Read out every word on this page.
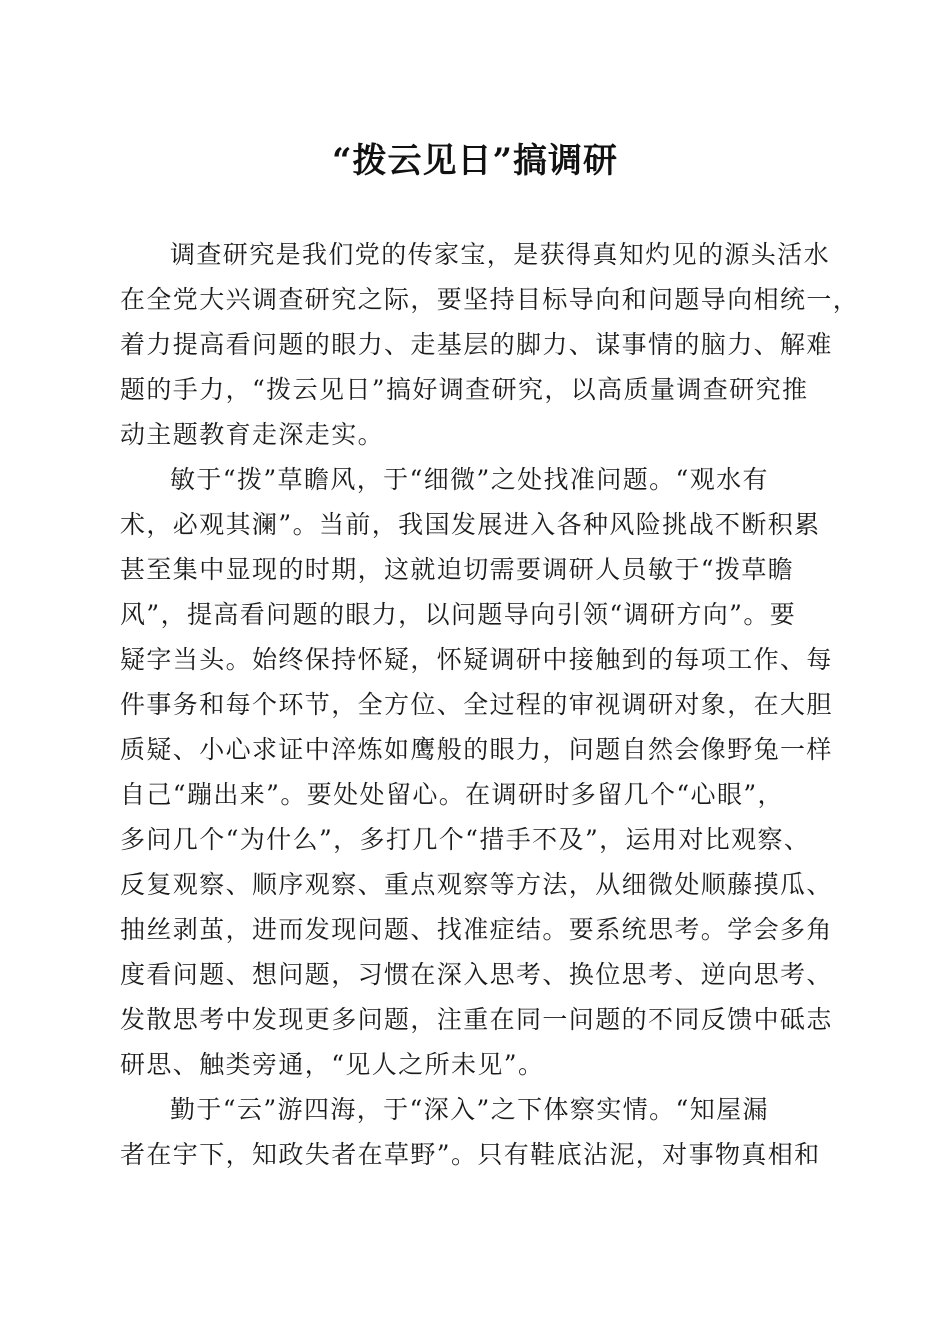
“拨云见日”搞调研
调查研究是我们党的传家宝，是获得真知灼见的源头活水
在全党大兴调查研究之际，要坚持目标导向和问题导向相统一，
着力提高看问题的眼力、走基层的脚力、谋事情的脑力、解难
题的手力，“拨云见日”搞好调查研究，以高质量调查研究推
动主题教育走深走实。
敏于“拨”草瞻风，于“细微”之处找准问题。“观水有
术，必观其澜”。当前，我国发展进入各种风险挑战不断积累
甚至集中显现的时期，这就迫切需要调研人员敏于“拨草瞻
风”，提高看问题的眼力，以问题导向引领“调研方向”。要
疑字当头。始终保持怀疑，怀疑调研中接触到的每项工作、每
件事务和每个环节，全方位、全过程的审视调研对象，在大胆
质疑、小心求证中淬炼如鹰般的眼力，问题自然会像野兔一样
自己“蹦出来”。要处处留心。在调研时多留几个“心眼”，
多问几个“为什么”，多打几个“措手不及”，运用对比观察、
反复观察、顺序观察、重点观察等方法，从细微处顺藤摸瓜、
抽丝剥茧，进而发现问题、找准症结。要系统思考。学会多角
度看问题、想问题，习惯在深入思考、换位思考、逆向思考、
发散思考中发现更多问题，注重在同一问题的不同反馈中砥志
研思、触类旁通，“见人之所未见”。
勤于“云”游四海，于“深入”之下体察实情。“知屋漏
者在宇下，知政失者在草野”。只有鞋底沾泥，对事物真相和
